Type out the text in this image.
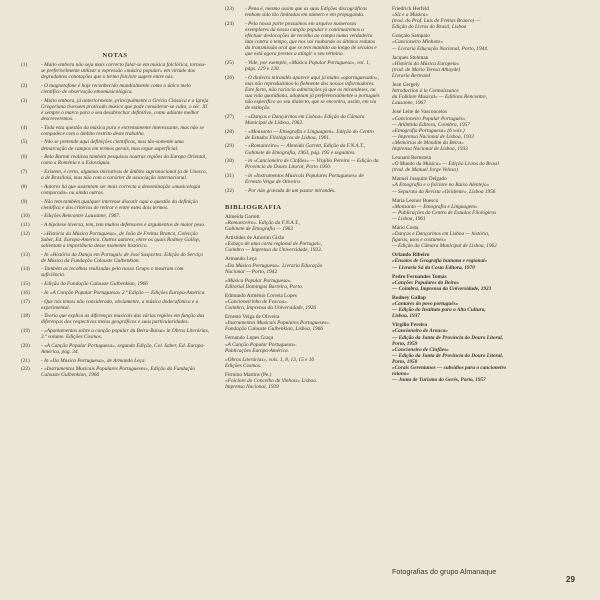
NOTAS
(1)	- Muito embora não seja mais correcto falar-se em música folclórica, tornou-se preferivelmente utilizar a expressão «música popular» em virtude das degradantes conotações que o termo folclore sugere entre nós.
(2)	- O magnetofone é hoje reconhecido mundialmente como o único meio científico de observação etnomusicológica.
(3)	- Muito embora, já anteriormente, principalmente a Grécia Clássica e a Igreja Gregoriana tivessem praticado música que pode considerar-se culta, o séc. XI é sempre o marco para o seu desabrochar definitivo, como adiante melhor descreveremos.
(4)	- Toda esta questão da música para e extremamente interessante, mas não se compadece com o âmbito restrito deste trabalho.
(5)	- Não se pretende aqui definições científicas, mas tão-somente uma demarcação de campos em termos gerais, mas ergue superficial.
(6)	- Bela Bartok realizou também pesquisas noutras regiões da Europa Oriental, como a Roménia e a Eslováquia.
(7)	- Existem, é certo, algumas iniciativas de âmbito supranacional (a de Unesco, a de Brasiloiú, mas não com o carácter de associação internacional.
(8)	- Autores há que sustentam ser mais correcta a denominação «musicologia comparada» ou ainda outras.
(9)	- Não tem também qualquer interesse discutir aqui a questão da definição científica e dos critérios de retirar e entre estes dois termos.
(10)	- Edições Rencontre Lausanne, 1967.
(11)	- A hipótese inversa, tem, tem muitos defensores e argumentos de maior peso.
(12)	- «História da Música Portuguesa», de João de Freitas Branco, Colecção Saber, Ed. Europa-América. Outros autores, entre os quais Rodney Gallop, salientam a importância desse momento histórico.
(13)	- In «História da Dança em Portugal» de José Sasportes. Edição do Serviço de Música da Fundação Calouste Gulbenkian.
(14)	- Também as recolhas realizadas pelo nosso Grupo o mostram com suficiência.
(15)	- Edição da Fundação Calouste Gulbenkian, 1966
(16)	- In «A Canção Popular Portuguesa» 2.ª Edição — Edições Europa-América.
(17)	- Que nós temos não considerado, obviamente, a música dodecafónica e a experimental.
(18)	- Teoria que explica as diferenças musicais das várias regiões em função das diferenças dos respectivos meios geográficos e suas particularidades.
(19)	- «Apontamentos sobre a canção popular da Beira-Baixa» in Obras Literárias, 3.º volume. Edições Cosmos.
(20)	- «A Canção Popular Portuguesa», segunda Edição, Col. Saber, Ed. Europa-América, pág. 34.
(21)	- In «Da Música Portuguesa», de Armando Leça.
(22)	- «Instrumentos Musicais Populares Portugueses», Edição da Fundação Calouste Gulbenkian, 1966
(23)	- Pena é, mesmo assim que as suas Edições discográficas tenham sido tão limitadas em número e em propaganda.
(24)	- Pela nossa parte possuímos em arquivo numerosos exemplares da nossa canção popular e continuaremos a efectuar deslocações de recolha ao campo numa verdadeira luta contra o tempo, que nos vai roubando os últimos redutos da transmissão oral que se tem mantido ao longo de séculos e que está agora prestes a atingir o seu término.
(25)	- Vide, por exemplo, «Música Popular Portuguesa», vol. 1, págs. 129 e 130.
(26)	- O dialecto mirandês aparece aqui já muito «aportuguesado», mas não reproduzimos-lo fielmente dos nossos informadores. Este facto, não raciocia admirações já que os mirandeses, na sua vida quotidiana, adoptam já preferencialmente o português não específico ao seu dialecto, que se encontra, assim, em via de extinção.
(27)	- «Danças e Dançarinos em Lisboa» Edição da Câmara Municipal de Lisboa, 1962.
(28)	- «Monsanto — Etnografia e Linguagem». Edição do Centro de Estudos Filológicos de Lisboa, 1961.
(29)	- «Romanceiro» — Almeida Garrett, Edição da F.N.A.T., Gabinete de Etnografia, 1963, pág. 195 e seguintes.
(30)	- in «Cancioneiro de Cinfães» — Virgílio Pereira — Edição da Província do Douro Litoral, Porto 1950.
(31)	- in «Instrumentos Musicais Populares Portugueses» de Ernesto Veiga de Oliveira.
(32)	- Por não gravada de um pastor mirandês.
BIBLIOGRAFIA
Almeida Garrett
«Romanceiro». Edição da F.N.A.T.,
Gabinete de Etnografia — 1963
Artistides de Amorim Girão
«Esboço de uma carta regional de Portugal»,
Coimbra — Imprensa da Universidade, 1933.
Armando Leça
«Da Música Portuguesa». Livraria Educação
Nacional — Porto, 1942
«Música Popular Portuguesa».
Editorial Domingos Barreira, Porto.
Edmundo Arménio Correia Lopes
«Cancioneirinho de Fozcoa».
Coimbra, Imprensa da Universidade, 1926
Ernesto Veiga de Oliveira
«Instrumentos Musicais Populares Portugueses».
Fundação Calouste Gulbenkian, Lisboa, 1966
Fernando Lopes Graça
«A Canção Popular Portuguesa».
Publicações Europa-América.
«Obras Literárias», vols. 1, 8, 13, 15 e 16
Edições Cosmos.
Firmino Martins (Pe.)
«Folclore do Concelho de Vinhais» Lisboa.
Imprensa Nacional, 1939
Friedrich Herfeld
«Síz e a Música»
(trad. do Prof. Luís de Freitas Branco) —
Edição do Livros do Brasil, Lisboa
Gonçalo Sampaio
«Cancioneiro Minhoto»
— Livraria Educação Nacional, Porto, 1944.
Jacques Stehman
«História da Música Europeia»
(trad. de Maria Teresa Athayde)
Livraria Bertrand
Jean Gergely
Introduction à la Connaissance
du Folklore Musical» — Editions Rencontre,
Lausanne, 1967
José Leite de Vasconcelos
«Cancioneiro Popular Português»
— Atlântida Editora, Coimbra, 1957
«Etnografia Portuguesa» (6 vols.)
— Imprensa Nacional de Lisboa, 1933
«Memórias de Mondim da Beira»
Imprensa Nacional de Lisboa, 1933
Leonard Bernstein
«O Mundo da Música» — Edição Livros do Brasil
(trad. de Manuel Jorge Veloso)
Manuel Joaquim Delgado
«A Etnografia e o folclore no Baixo Alentejo»
— Separata da Revista «Ocidente», Lisboa 1956
Maria Leonor Buescu
«Monsanto — Etnografia e Linguagem»
— Publicações do Centro de Estudos Filológicos
— Lisboa, 1961
Mário Costa
«Danças e Dançarinos em Lisboa — história,
figuras, usos e costumes»
— Edição da Câmara Municipal de Lisboa, 1962
Orlando Ribeiro
«Ensaios de Geografia humana e regional»
— Livraria Sá da Costa Editora, 1970
Pedro Fernandes Tomás
«Canções Populares da Beira»
— Coimbra, Imprensa da Universidade, 1923
Rodney Gallop
«Cantares do povo português»
— Edição do Instituto para a Alta Cultura,
Lisboa, 1937
Virgílio Pereira
«Cancioneiro de Arouca»
— Edição da Junta de Província do Douro Litoral,
Porto, 1959
«Cancioneiro de Cinfães»
— Edição da Junta de Província do Douro Litoral,
Porto, 1950
«Corais Gerenianos — subsídios para o cancioneiro
raiano»
— Junta de Turismo do Gerês, Porto, 1957
Fotografias do grupo Almanaque
29
